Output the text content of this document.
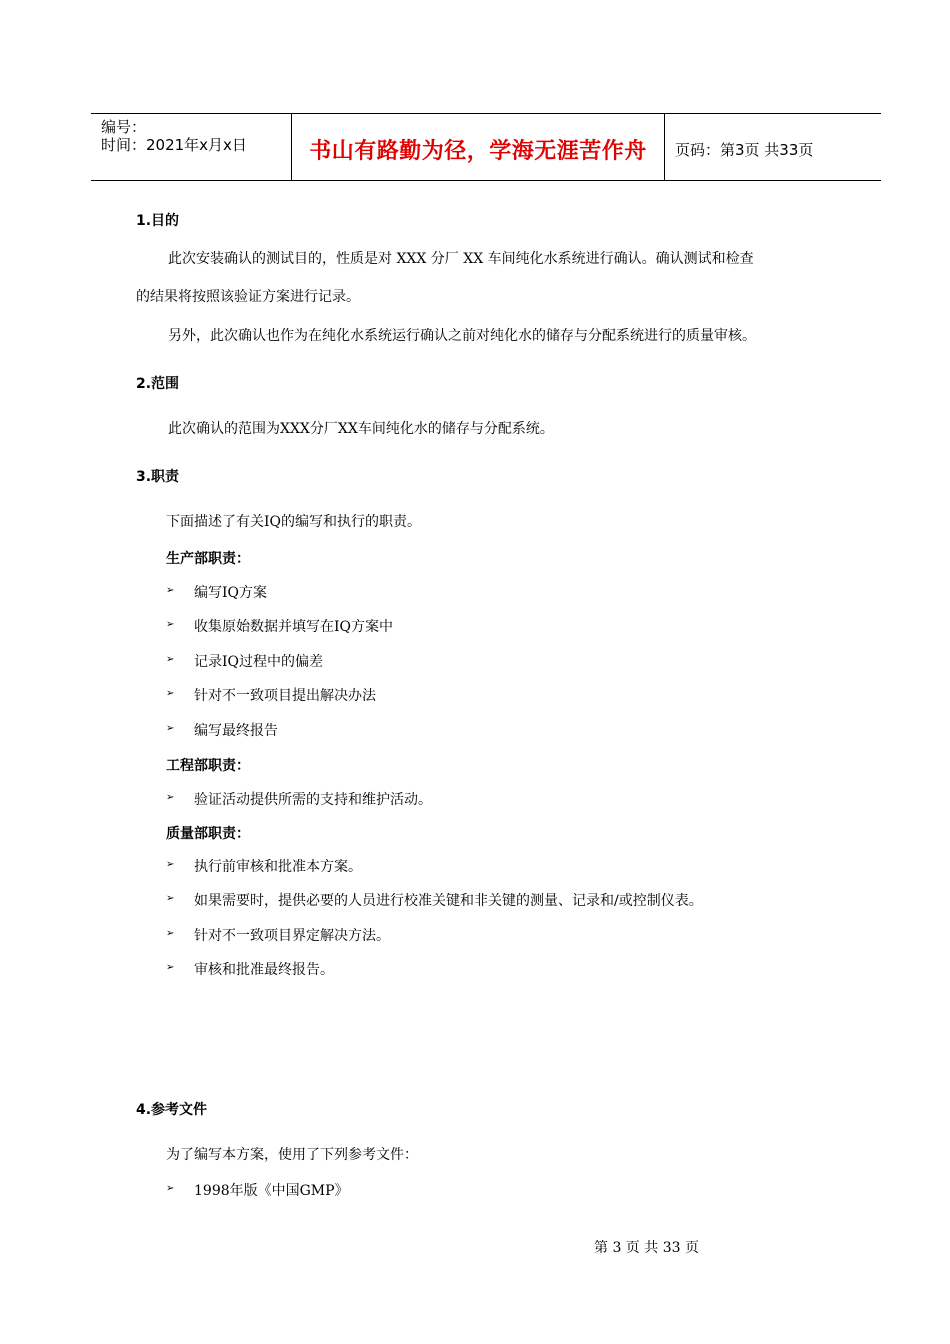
编号：
时间：2021年x月x日	书山有路勤为径，学海无涯苦作舟	页码：第3页 共33页
1.目的
此次安装确认的测试目的，性质是对 XXX 分厂 XX 车间纯化水系统进行确认。确认测试和检查
的结果将按照该验证方案进行记录。
另外，此次确认也作为在纯化水系统运行确认之前对纯化水的储存与分配系统进行的质量审核。
2.范围
此次确认的范围为XXX分厂XX车间纯化水的储存与分配系统。
3.职责
下面描述了有关IQ的编写和执行的职责。
生产部职责：
➢ 编写IQ方案
➢ 收集原始数据并填写在IQ方案中
➢ 记录IQ过程中的偏差
➢ 针对不一致项目提出解决办法
➢ 编写最终报告
工程部职责：
➢ 验证活动提供所需的支持和维护活动。
质量部职责：
➢ 执行前审核和批准本方案。
➢ 如果需要时，提供必要的人员进行校准关键和非关键的测量、记录和/或控制仪表。
➢ 针对不一致项目界定解决方法。
➢ 审核和批准最终报告。
4.参考文件
为了编写本方案，使用了下列参考文件：
➢ 1998年版《中国GMP》
第 3 页 共 33 页
